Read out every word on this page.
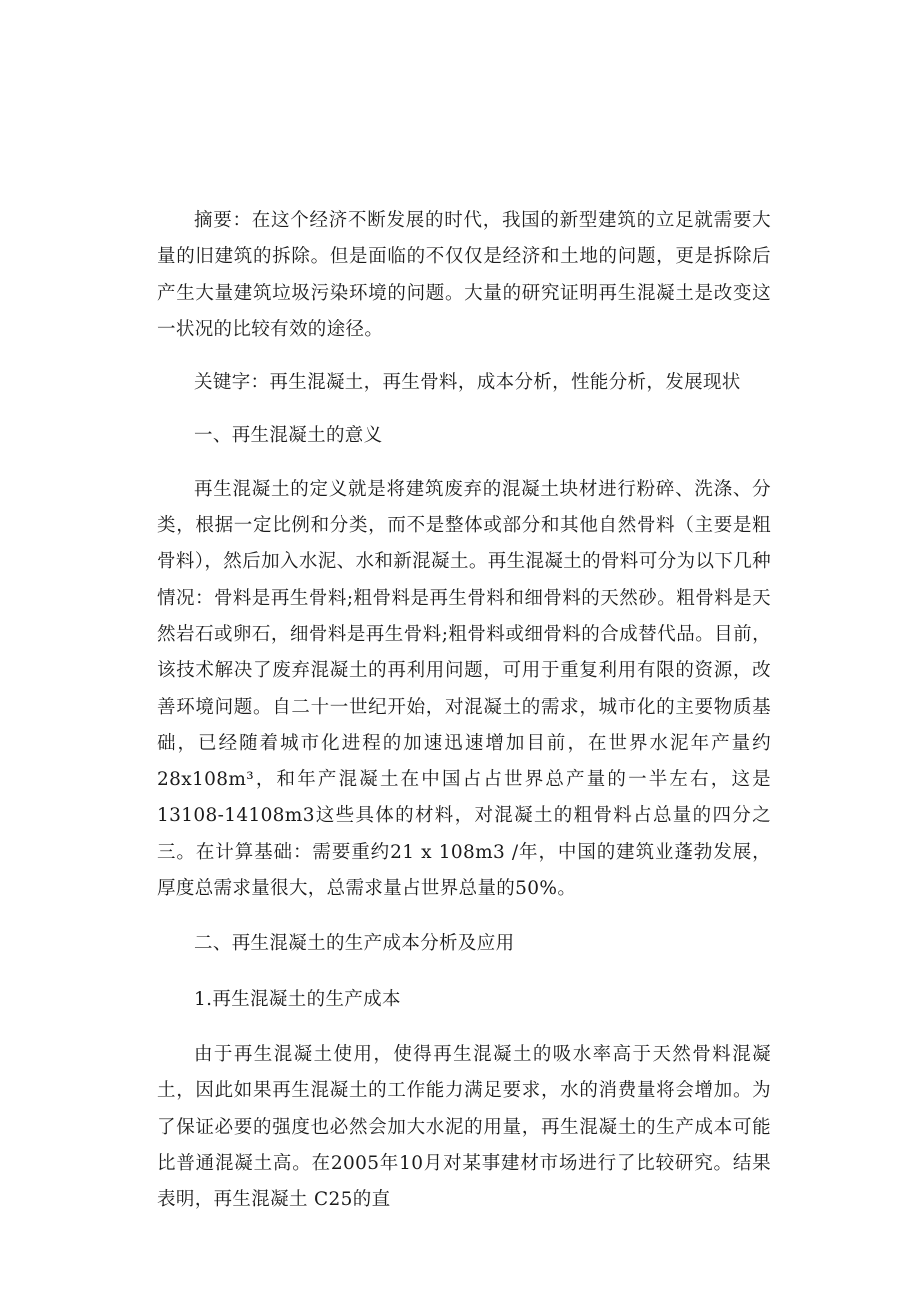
摘要：在这个经济不断发展的时代，我国的新型建筑的立足就需要大量的旧建筑的拆除。但是面临的不仅仅是经济和土地的问题，更是拆除后产生大量建筑垃圾污染环境的问题。大量的研究证明再生混凝土是改变这一状况的比较有效的途径。

关键字：再生混凝土，再生骨料，成本分析，性能分析，发展现状

一、再生混凝土的意义

再生混凝土的定义就是将建筑废弃的混凝土块材进行粉碎、洗涤、分类，根据一定比例和分类，而不是整体或部分和其他自然骨料（主要是粗骨料），然后加入水泥、水和新混凝土。再生混凝土的骨料可分为以下几种情况：骨料是再生骨料;粗骨料是再生骨料和细骨料的天然砂。粗骨料是天然岩石或卵石，细骨料是再生骨料;粗骨料或细骨料的合成替代品。目前，该技术解决了废弃混凝土的再利用问题，可用于重复利用有限的资源，改善环境问题。自二十一世纪开始，对混凝土的需求，城市化的主要物质基础，已经随着城市化进程的加速迅速增加目前，在世界水泥年产量约28x108m³，和年产混凝土在中国占占世界总产量的一半左右，这是13108-14108m3这些具体的材料，对混凝土的粗骨料占总量的四分之三。在计算基础：需要重约21 x 108m3 /年，中国的建筑业蓬勃发展，厚度总需求量很大，总需求量占世界总量的50%。

二、再生混凝土的生产成本分析及应用

1.再生混凝土的生产成本

由于再生混凝土使用，使得再生混凝土的吸水率高于天然骨料混凝土，因此如果再生混凝土的工作能力满足要求，水的消费量将会增加。为了保证必要的强度也必然会加大水泥的用量，再生混凝土的生产成本可能比普通混凝土高。在2005年10月对某事建材市场进行了比较研究。结果表明，再生混凝土 C25的直
